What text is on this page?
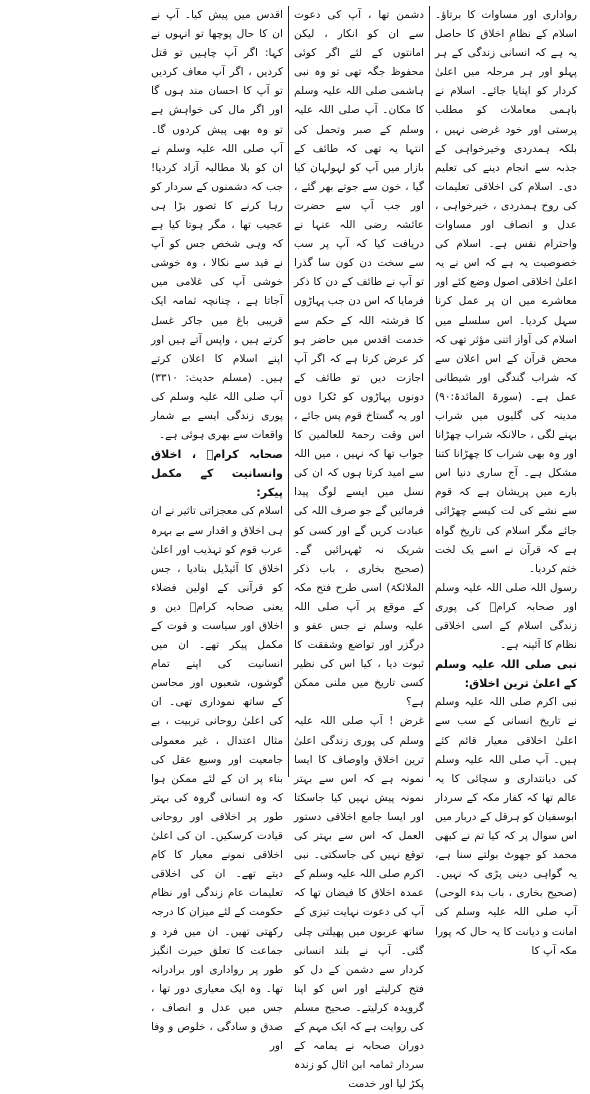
رواداری اور مساوات کا برتاؤ۔ اسلام کے نظامِ اخلاق کا حاصل یہ ہے کہ انسانی زندگی کے ہر پہلو اور ہر مرحلہ میں اعلیٰ کردار کو اپنایا جائے۔ اسلام نے باہمی معاملات کو مطلب پرستی اور خود غرضی نہیں ، بلکہ ہمدردی وخیرخواہی کے جذبہ سے انجام دینے کی تعلیم دی۔ اسلام کی اخلاقی تعلیمات کی روح ہمدردی ، خیرخواہی ، عدل و انصاف اور مساوات واحترام نفس ہے۔ اسلام کی خصوصیت یہ ہے کہ اس نے یہ اعلیٰ اخلاقی اصول وضع کئے اور معاشرے میں ان پر عمل کرنا سہل کردیا۔ اس سلسلے میں اسلام کی آواز اتنی مؤثر تھی کہ محض قرآن کے اس اعلان سے کہ شراب گندگی اور شیطانی عمل ہے۔ (سورۃ المائدۃ:۹۰) مدینہ کی گلیوں میں شراب بہنے لگی ، حالانکہ شراب چھڑانا اور وہ بھی شراب کا چھڑانا کتنا مشکل ہے۔ آج ساری دنیا اس بارے میں پریشان ہے کہ قوم سے نشے کی لت کیسے چھڑائی جائے مگر اسلام کی تاریخ گواہ ہے کہ قرآن نے اسے یک لخت ختم کردیا۔

رسول اللہ صلی اللہ علیہ وسلم اور صحابہ کرامؓ کی پوری زندگی اسلام کے اسی اخلاقی نظام کا آئینہ ہے۔

نبی صلی اللہ علیہ وسلم کے اعلیٰ ترین اخلاق:

نبی اکرم صلی اللہ علیہ وسلم نے تاریخ انسانی کے سب سے اعلیٰ اخلاقی معیار قائم کئے ہیں۔ آپ صلی اللہ علیہ وسلم کی دیانتداری و سچائی کا یہ عالم تھا کہ کفار مکہ کے سردار ابوسفیان کو ہرقل کے دربار میں اس سوال پر کہ کیا تم نے کبھی محمد کو جھوٹ بولتے سنا ہے، یہ گواہی دینی پڑی کہ نہیں۔ (صحیح بخاری ، باب بدء الوحی) آپ صلی اللہ علیہ وسلم کی امانت و دیانت کا یہ حال کہ پورا مکہ آپ کا

دشمن تھا ، آپ کی دعوت سے ان کو انکار ، لیکن امانتوں کے لئے اگر کوئی محفوظ جگہ تھی تو وہ نبی ہاشمی صلی اللہ علیہ وسلم کا مکان۔ آپ صلی اللہ علیہ وسلم کے صبر وتحمل کی انتہا یہ تھی کہ طائف کے بازار میں آپ کو لہولہان کیا گیا ، خون سے جوتے بھر گئے ، اور جب آپ سے حضرت عائشہ رضی اللہ عنہا نے دریافت کیا کہ آپ پر سب سے سخت دن کون سا گذرا تو آپ نے طائف کے دن کا ذکر فرمایا کہ اس دن جب پہاڑوں کا فرشتہ اللہ کے حکم سے خدمت اقدس میں حاضر ہو کر عرض کرتا ہے کہ اگر آپ اجازت دیں تو طائف کے دونوں پہاڑوں کو ٹکرا دوں اور یہ گستاخ قوم پس جائے ، اس وقت رحمۃ للعالمین کا جواب تھا کہ نہیں ، میں اللہ سے امید کرتا ہوں کہ ان کی نسل میں ایسے لوگ پیدا فرمائیں گے جو صرف اللہ کی عبادت کریں گے اور کسی کو شریک نہ ٹھہرائیں گے۔ (صحیح بخاری ، باب ذکر الملائکۃ) اسی طرح فتح مکہ کے موقع پر آپ صلی اللہ علیہ وسلم نے جس عفو و درگزر اور تواضع وشفقت کا ثبوت دیا ، کیا اس کی نظیر کسی تاریخ میں ملنی ممکن ہے؟

غرض ! آپ صلی اللہ علیہ وسلم کی پوری زندگی اعلیٰ ترین اخلاق واوصاف کا ایسا نمونہ ہے کہ اس سے بہتر نمونہ پیش نہیں کیا جاسکتا اور ایسا جامع اخلاقی دستور العمل کہ اس سے بہتر کی توقع نہیں کی جاسکتی۔ نبی اکرم صلی اللہ علیہ وسلم کے عمدہ اخلاق کا فیضان تھا کہ آپ کی دعوت نہایت تیزی کے ساتھ عربوں میں پھیلتی چلی گئی۔ آپ نے بلند انسانی کردار سے دشمن کے دل کو فتح کرلیتے اور اس کو اپنا گرویدہ کرلیتے۔ صحیح مسلم کی روایت ہے کہ ایک مہم کے دوران صحابہ نے یمامہ کے سردار ثمامہ ابن اثال کو زندہ پکڑ لیا اور خدمت

اقدس میں پیش کیا۔ آپ نے ان کا حال پوچھا تو انہوں نے کہا: اگر آپ چاہیں تو قتل کردیں ، اگر آپ معاف کردیں تو آپ کا احسان مند ہوں گا اور اگر مال کی خواہش ہے تو وہ بھی پیش کردوں گا۔ آپ صلی اللہ علیہ وسلم نے ان کو بلا مطالبہ آزاد کردیا! جب کہ دشمنوں کے سردار کو رہا کرنے کا تصور بڑا ہی عجیب تھا ، مگر ہوتا کیا ہے کہ وہی شخص جس کو آپ نے قید سے نکالا ، وہ خوشی خوشی آپ کی غلامی میں آجاتا ہے ، چنانچہ ثمامہ ایک قریبی باغ میں جاکر غسل کرتے ہیں ، واپس آتے ہیں اور اپنے اسلام کا اعلان کرتے ہیں۔ (مسلم حدیث: ۳۳۱۰) آپ صلی اللہ علیہ وسلم کی پوری زندگی ایسے بے شمار واقعات سے بھری ہوئی ہے۔

صحابہ کرامؓ ، اخلاق وانسانیت کے مکمل پیکر:

اسلام کی معجزاتی تاثیر نے ان ہی اخلاق و اقدار سے بے بہرہ عرب قوم کو تہذیب اور اعلیٰ اخلاق کا آئیڈیل بنادیا ، جس کو قرآنی کے اولین فضلاء یعنی صحابہ کرامؓ دین و اخلاق اور سیاست و قوت کے مکمل پیکر تھے۔ ان میں انسانیت کی اپنے تمام گوشوں، شعبوں اور محاسن کے ساتھ نموداری تھی۔ ان کی اعلیٰ روحانی تربیت ، بے مثال اعتدال ، غیر معمولی جامعیت اور وسیع عقل کی بناء پر ان کے لئے ممکن ہوا کہ وہ انسانی گروہ کی بہتر طور پر اخلاقی اور روحانی قیادت کرسکیں۔ ان کی اعلیٰ اخلاقی نمونے معیار کا کام دیتے تھے۔ ان کی اخلاقی تعلیمات عام زندگی اور نظام حکومت کے لئے میزان کا درجہ رکھتی تھیں۔ ان میں فرد و جماعت کا تعلق حیرت انگیز طور پر رواداری اور برادرانہ تھا۔ وہ ایک معیاری دور تھا ، جس میں عدل و انصاف ، صدق و سادگی ، خلوص و وفا اور
